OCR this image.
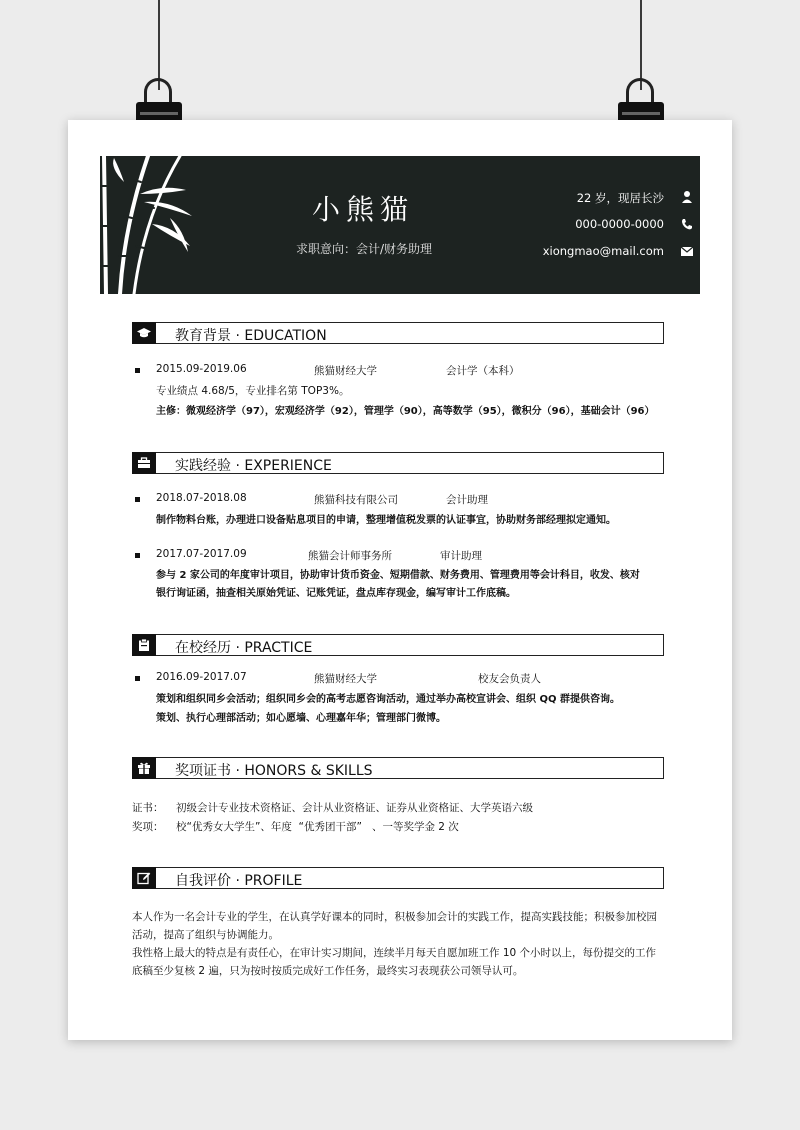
小熊猫
求职意向：会计/财务助理
22 岁，现居长沙
000-0000-0000
xiongmao@mail.com
教育背景 · EDUCATION
2015.09-2019.06	熊猫财经大学	会计学（本科）
专业绩点 4.68/5，专业排名第 TOP3%。
主修：微观经济学（97），宏观经济学（92），管理学（90），高等数学（95），微积分（96），基础会计（96）
实践经验 · EXPERIENCE
2018.07-2018.08	熊猫科技有限公司	会计助理
制作物料台账，办理进口设备贴息项目的申请，整理增值税发票的认证事宜，协助财务部经理拟定通知。
2017.07-2017.09	熊猫会计师事务所	审计助理
参与 2 家公司的年度审计项目，协助审计货币资金、短期借款、财务费用、管理费用等会计科目，收发、核对
银行询证函，抽查相关原始凭证、记账凭证，盘点库存现金，编写审计工作底稿。
在校经历 · PRACTICE
2016.09-2017.07	熊猫财经大学	校友会负责人
策划和组织同乡会活动；组织同乡会的高考志愿咨询活动，通过举办高校宣讲会、组织 QQ 群提供咨询。
策划、执行心理部活动；如心愿墙、心理嘉年华；管理部门微博。
奖项证书 · HONORS & SKILLS
证书： 初级会计专业技术资格证、会计从业资格证、证券从业资格证、大学英语六级
奖项： 校“优秀女大学生”、年度  “优秀团干部”   、一等奖学金 2 次
自我评价 · PROFILE
本人作为一名会计专业的学生，在认真学好课本的同时，积极参加会计的实践工作，提高实践技能；积极参加校园
活动，提高了组织与协调能力。
我性格上最大的特点是有责任心，在审计实习期间，连续半月每天自愿加班工作 10 个小时以上，每份提交的工作
底稿至少复核 2 遍，只为按时按质完成好工作任务，最终实习表现获公司领导认可。
